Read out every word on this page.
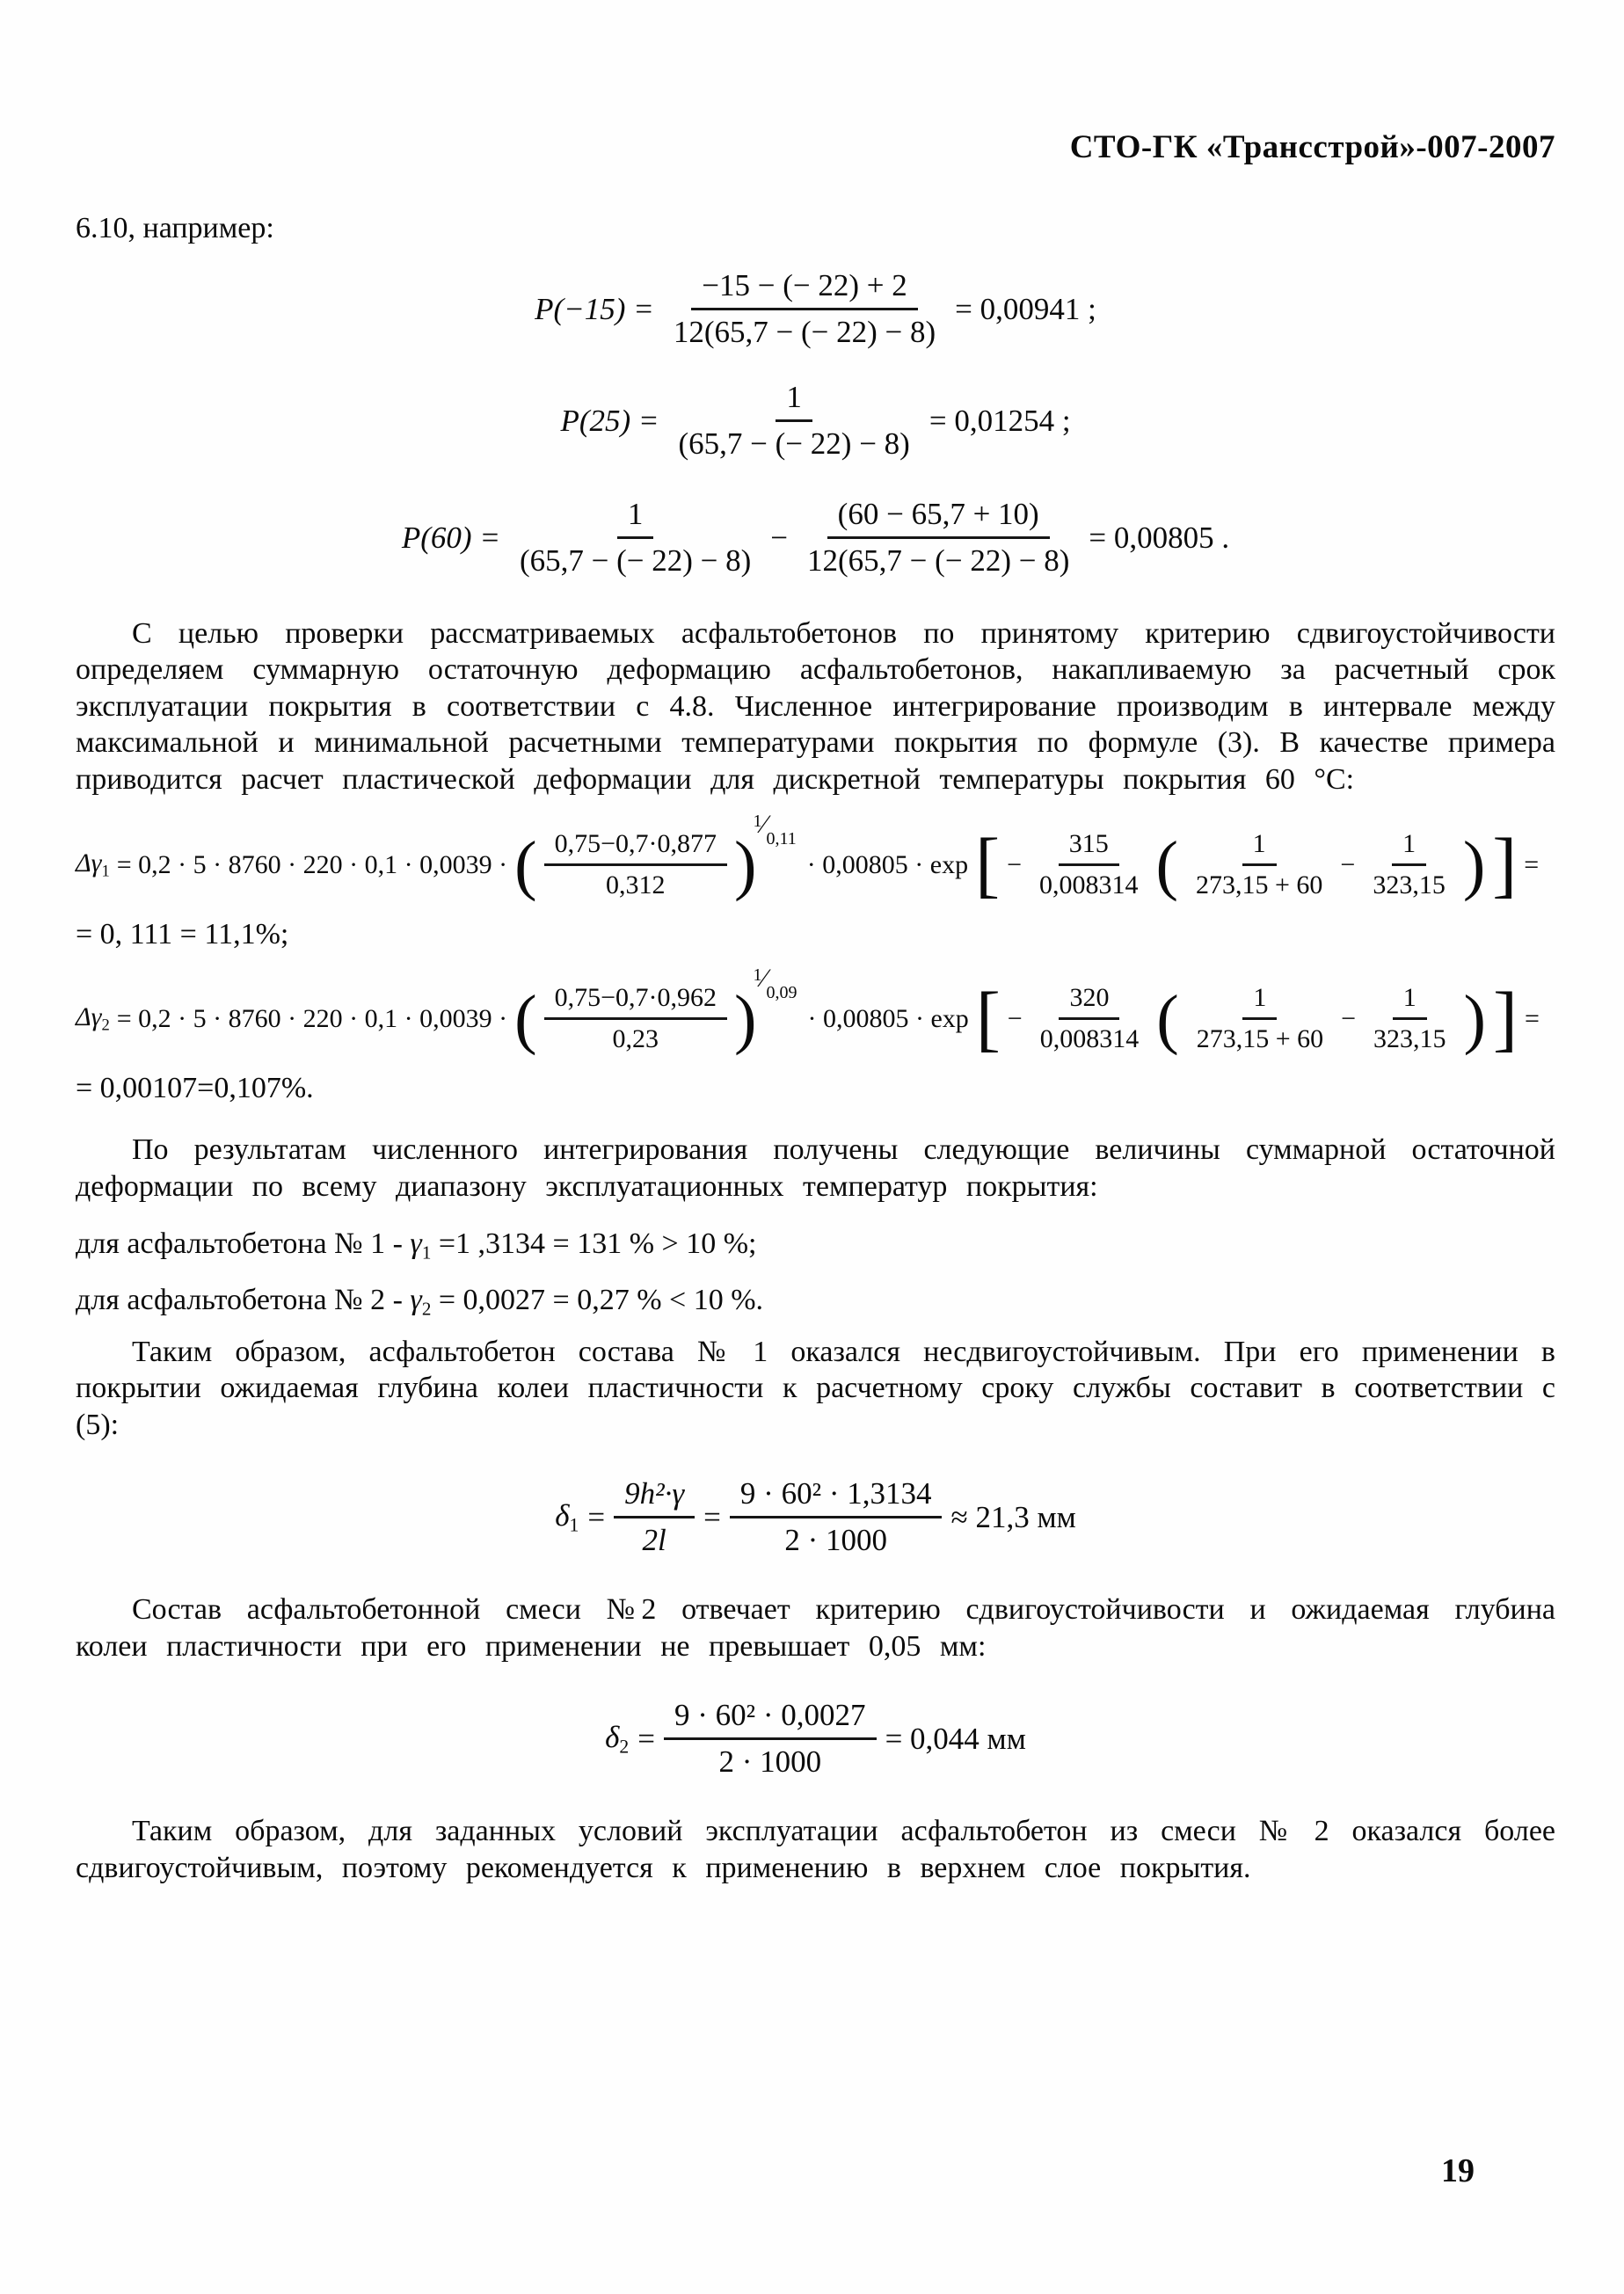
СТО-ГК «Трансстрой»-007-2007
6.10, например:
$P(-15) = \frac{-15 - (- 22) + 2}{12(65,7 - (- 22) - 8)} = 0,00941$ ;
$P(25) = \frac{1}{(65,7 - (- 22) - 8)} = 0,01254$ ;
$P(60) = \frac{1}{(65,7 - (- 22) - 8)} - \frac{(60 - 65,7 + 10)}{12(65,7 - (- 22) - 8)} = 0,00805$ .
С целью проверки рассматриваемых асфальтобетонов по принятому критерию сдвигоустойчивости определяем суммарную остаточную деформацию асфальтобетонов, накапливаемую за расчетный срок эксплуатации покрытия в соответствии с 4.8. Численное интегрирование производим в интервале между максимальной и минимальной расчетными температурами покрытия по формуле (3). В качестве примера приводится расчет пластической деформации для дискретной температуры покрытия 60 °С:
$\Delta\gamma_1 = 0,2 \cdot 5 \cdot 8760 \cdot 220 \cdot 0,1 \cdot 0,0039$ · ( $\frac{0,75-0,7\cdot 0,877}{0,312}$ )
1 ⁄ 0,11
· 0,00805 · exp [ − $\frac{315}{0,008314}$ ( $\frac{1}{273,15 + 60} - \frac{1}{323,15}$ ) ] =
= 0, 111 = 11,1%;
$\Delta\gamma_2 = 0,2 \cdot 5 \cdot 8760 \cdot 220 \cdot 0,1 \cdot 0,0039$ · ( $\frac{0,75-0,7\cdot 0,962}{0,23}$ )
1 ⁄ 0,09
· 0,00805 · exp [ − $\frac{320}{0,008314}$ ( $\frac{1}{273,15 + 60} - \frac{1}{323,15}$ ) ] =
= 0,00107=0,107%.
По результатам численного интегрирования получены следующие величины суммарной остаточной деформации по всему диапазону эксплуатационных температур покрытия:
для асфальтобетона № $1 - \gamma_1 =1$ ,3134 = 131 % > 10 %;
для асфальтобетона № $2 - \gamma_2 = 0,0027 = 0,27$ % < 10 %.
Таким образом, асфальтобетон состава № 1 оказался несдвигоустойчивым. При его применении в покрытии ожидаемая глубина колеи пластичности к расчетному сроку службы составит в соответствии с (5):
$\delta_1 = \frac{\text{9h²·γ}}{2l} = \frac{\text{9 · 60² · 1,3134}}{2 \cdot 1000} \approx 21,3$ мм
Состав асфальтобетонной смеси №2 отвечает критерию сдвигоустойчивости и ожидаемая глубина колеи пластичности при его применении не превышает 0,05 мм:
$\delta_2 = \frac{\text{9 · 60² · 0,0027}}{2 \cdot 1000} = 0,044$ мм
Таким образом, для заданных условий эксплуатации асфальтобетон из смеси № 2 оказался более сдвигоустойчивым, поэтому рекомендуется к применению в верхнем слое покрытия.
19
